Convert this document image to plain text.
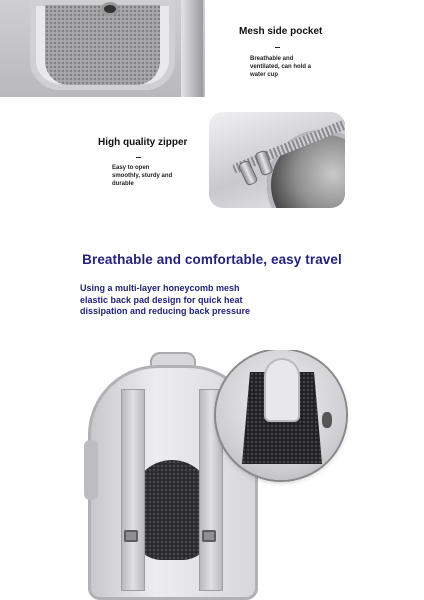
Mesh side pocket
Breathable and
ventilated, can hold a
water cup
High quality zipper
Easy to open
smoothly, sturdy and
durable
Breathable and comfortable, easy travel
Using a multi-layer honeycomb mesh
elastic back pad design for quick heat
dissipation and reducing back pressure
